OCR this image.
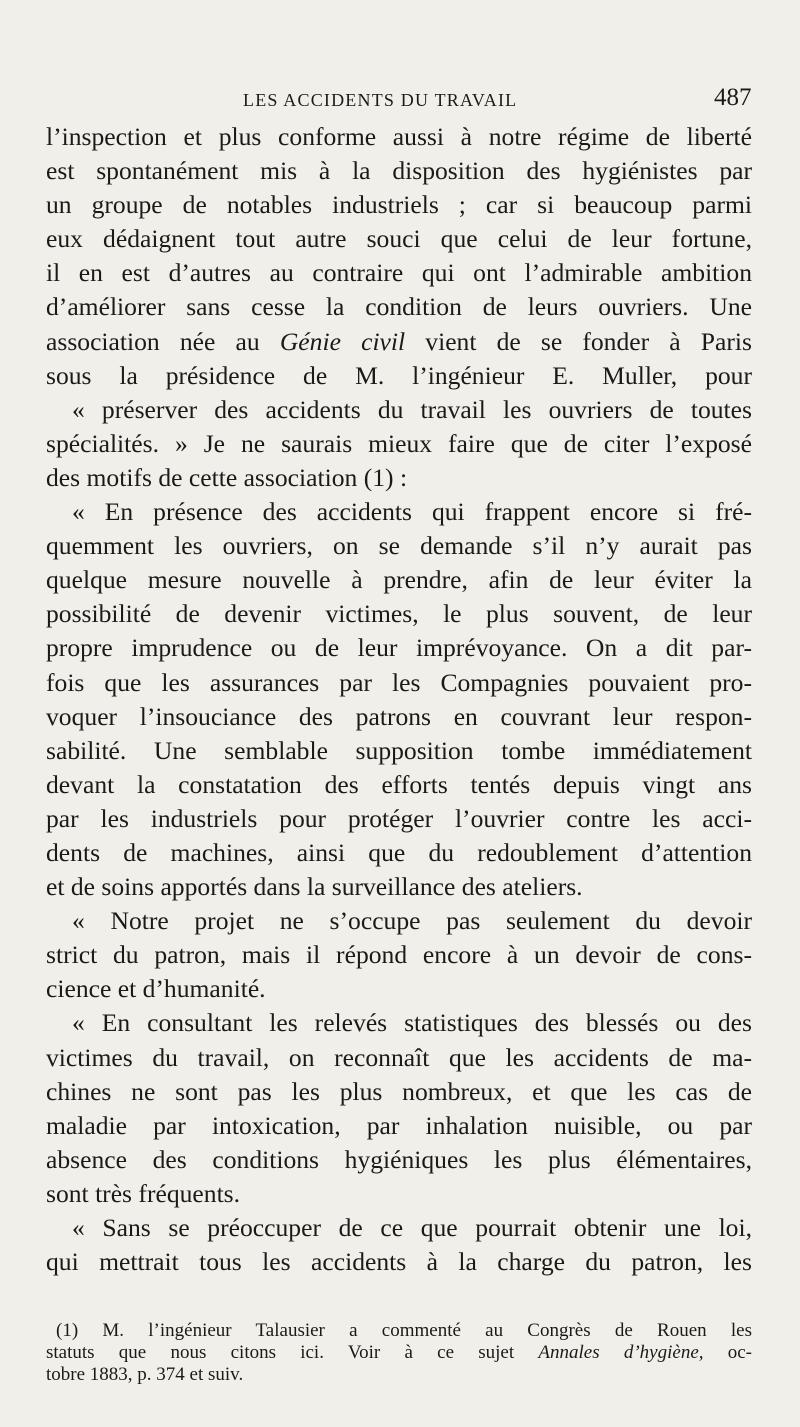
LES ACCIDENTS DU TRAVAIL	487
l’inspection et plus conforme aussi à notre régime de liberté
est spontanément mis à la disposition des hygiénistes par
un groupe de notables industriels ; car si beaucoup parmi
eux dédaignent tout autre souci que celui de leur fortune,
il en est d’autres au contraire qui ont l’admirable ambition
d’améliorer sans cesse la condition de leurs ouvriers. Une
association née au Génie civil vient de se fonder à Paris
sous la présidence de M. l’ingénieur E. Muller, pour
« préserver des accidents du travail les ouvriers de toutes
spécialités. » Je ne saurais mieux faire que de citer l’exposé
des motifs de cette association (1) :
« En présence des accidents qui frappent encore si fré-
quemment les ouvriers, on se demande s’il n’y aurait pas
quelque mesure nouvelle à prendre, afin de leur éviter la
possibilité de devenir victimes, le plus souvent, de leur
propre imprudence ou de leur imprévoyance. On a dit par-
fois que les assurances par les Compagnies pouvaient pro-
voquer l’insouciance des patrons en couvrant leur respon-
sabilité. Une semblable supposition tombe immédiatement
devant la constatation des efforts tentés depuis vingt ans
par les industriels pour protéger l’ouvrier contre les acci-
dents de machines, ainsi que du redoublement d’attention
et de soins apportés dans la surveillance des ateliers.
« Notre projet ne s’occupe pas seulement du devoir
strict du patron, mais il répond encore à un devoir de cons-
cience et d’humanité.
« En consultant les relevés statistiques des blessés ou des
victimes du travail, on reconnaît que les accidents de ma-
chines ne sont pas les plus nombreux, et que les cas de
maladie par intoxication, par inhalation nuisible, ou par
absence des conditions hygiéniques les plus élémentaires,
sont très fréquents.
« Sans se préoccuper de ce que pourrait obtenir une loi,
qui mettrait tous les accidents à la charge du patron, les
(1) M. l’ingénieur Talausier a commenté au Congrès de Rouen les
statuts que nous citons ici. Voir à ce sujet Annales d’hygiène, oc-
tobre 1883, p. 374 et suiv.
